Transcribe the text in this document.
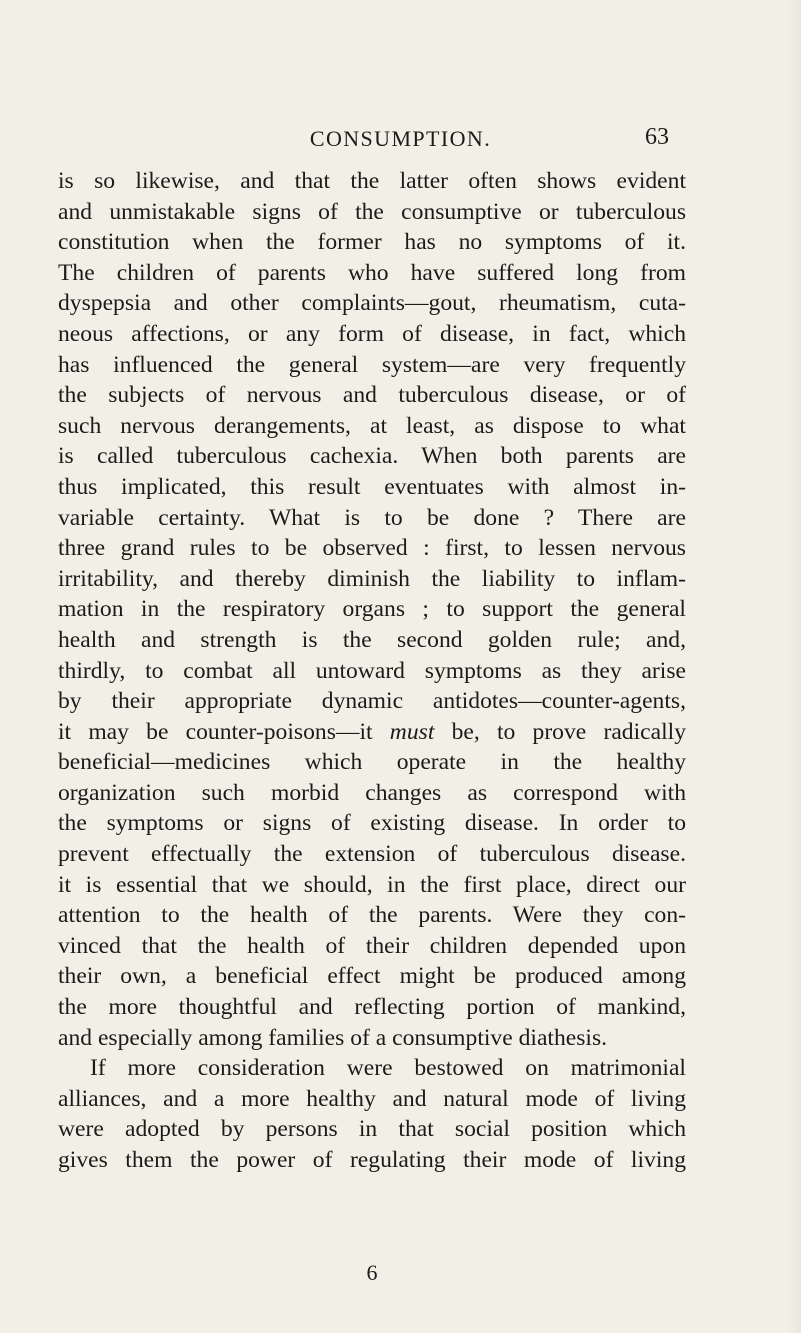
CONSUMPTION.	63
is so likewise, and that the latter often shows evident
and unmistakable signs of the consumptive or tuberculous
constitution when the former has no symptoms of it.
The children of parents who have suffered long from
dyspepsia and other complaints—gout, rheumatism, cuta-
neous affections, or any form of disease, in fact, which
has influenced the general system—are very frequently
the subjects of nervous and tuberculous disease, or of
such nervous derangements, at least, as dispose to what
is called tuberculous cachexia. When both parents are
thus implicated, this result eventuates with almost in-
variable certainty. What is to be done ? There are
three grand rules to be observed : first, to lessen nervous
irritability, and thereby diminish the liability to inflam-
mation in the respiratory organs ; to support the general
health and strength is the second golden rule; and,
thirdly, to combat all untoward symptoms as they arise
by their appropriate dynamic antidotes—counter-agents,
it may be counter-poisons—it must be, to prove radically
beneficial—medicines which operate in the healthy
organization such morbid changes as correspond with
the symptoms or signs of existing disease. In order to
prevent effectually the extension of tuberculous disease.
it is essential that we should, in the first place, direct our
attention to the health of the parents. Were they con-
vinced that the health of their children depended upon
their own, a beneficial effect might be produced among
the more thoughtful and reflecting portion of mankind,
and especially among families of a consumptive diathesis.
If more consideration were bestowed on matrimonial
alliances, and a more healthy and natural mode of living
were adopted by persons in that social position which
gives them the power of regulating their mode of living
6
